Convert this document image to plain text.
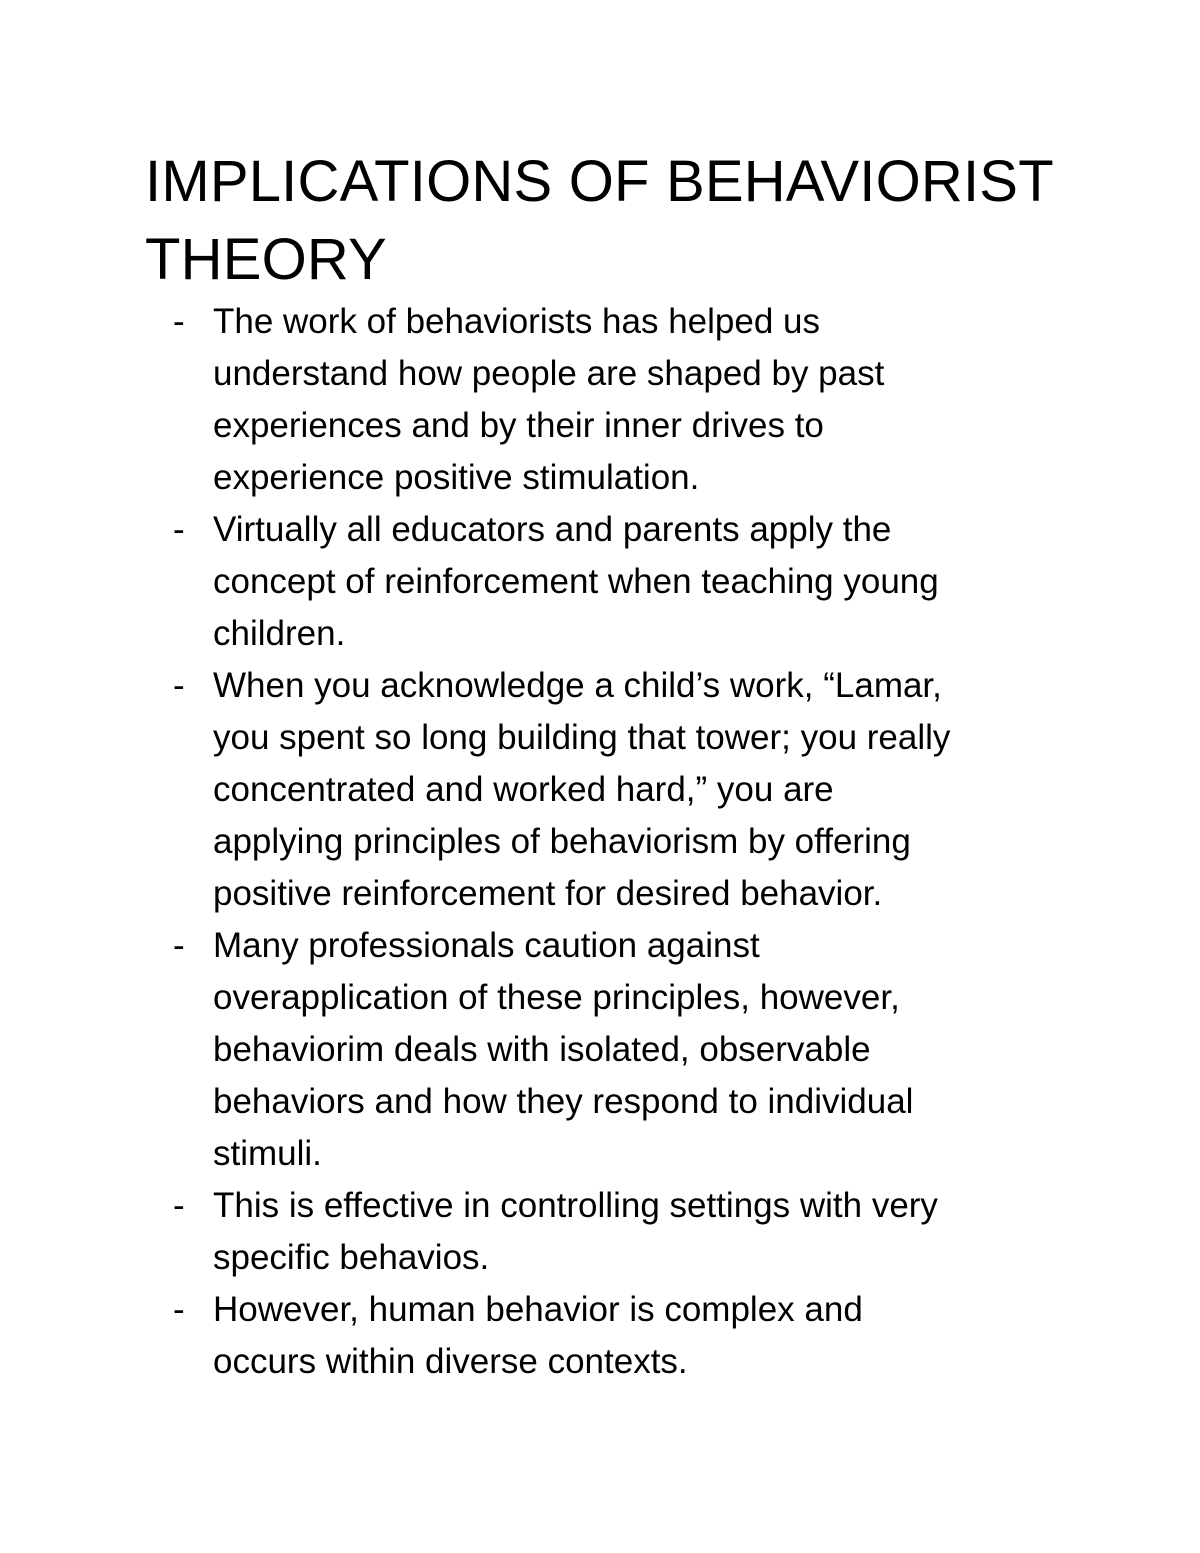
IMPLICATIONS OF BEHAVIORIST THEORY
- The work of behaviorists has helped us
understand how people are shaped by past
experiences and by their inner drives to
experience positive stimulation.
- Virtually all educators and parents apply the
concept of reinforcement when teaching young
children.
- When you acknowledge a child’s work, “Lamar,
you spent so long building that tower; you really
concentrated and worked hard,” you are
applying principles of behaviorism by offering
positive reinforcement for desired behavior.
- Many professionals caution against
overapplication of these principles, however,
behaviorim deals with isolated, observable
behaviors and how they respond to individual
stimuli.
- This is effective in controlling settings with very
specific behavios.
- However, human behavior is complex and
occurs within diverse contexts.
